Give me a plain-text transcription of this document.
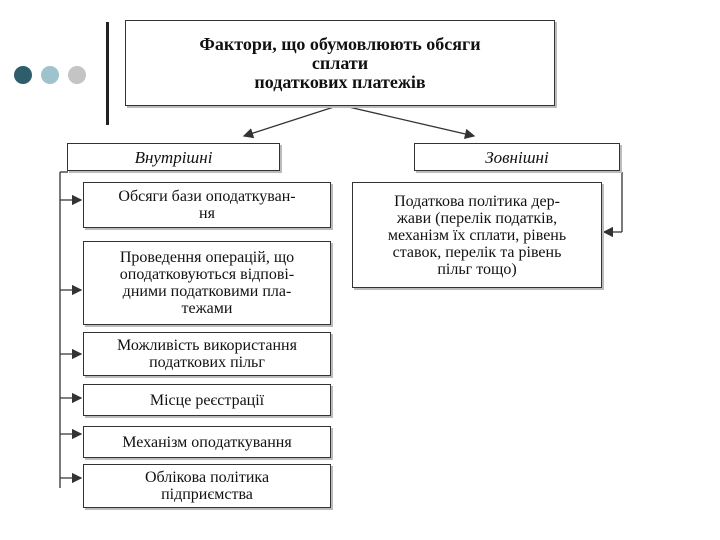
Фактори, що обумовлюють обсяги
сплати
податкових платежів
Внутрішні	Зовнішні
Обсяги бази оподаткуван-
ня
Проведення операцій, що
оподатковуються відпові-
дними податковими пла-
тежами
Можливість використання
податкових пільг
Місце реєстрації
Механізм оподаткування
Облікова політика
підприємства
Податкова політика дер-
жави (перелік податків,
механізм їх сплати, рівень
ставок, перелік та рівень
пільг тощо)
